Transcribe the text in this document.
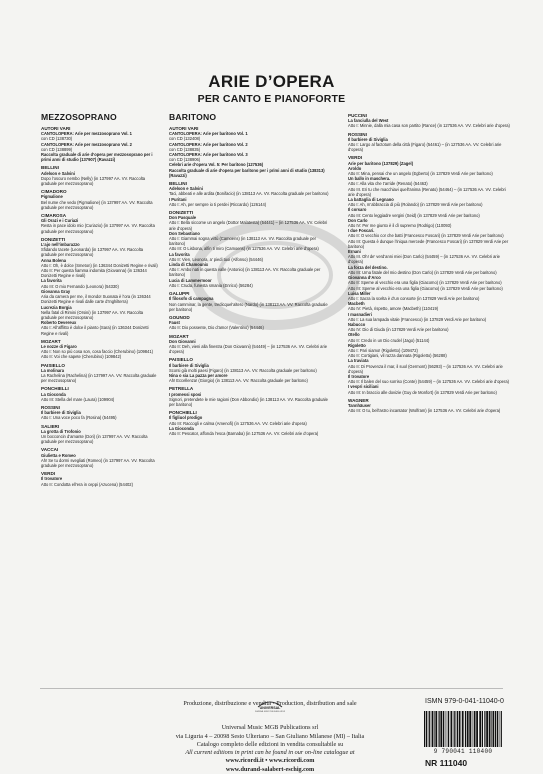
ARIE D’OPERA
PER CANTO E PIANOFORTE
MEZZOSOPRANO
AUTORI VARI
CANTOLOPERA: Arie per mezzosoprano Vol. 1
con CD (138730)
CANTOLOPERA: Arie per mezzosoprano Vol. 2
con CD (138899)
Raccolta graduale di arie d’opera per mezzosoprano per i primi anni di studio (137907) (Ravazzi)
BELLINI
Adelson e Salvini
Dopo l’oscuro nembo (Nelly) (in 137997 AA. VV. Raccolta graduale per mezzosoprano)
CIMADORO
Pigmalione
Bel nume che vedo (Pigmalione) (in 137997 AA. VV. Raccolta graduale per mezzosoprano)
CIMAROSA
Gli Orazi e i Curiazi
Resta in pace idolo mio (Curiazio) (in 137997 AA. VV. Raccolta graduale per mezzosoprano)
DONIZETTI
L’ajo nell’imbarazzo
Sfidando tacete (Leonarda) (in 137997 AA. VV. Raccolta graduale per mezzosoprano)
Anna Bolena
Atto I: Oh, è dolce (Smeton) (in 136344 Donizetti Regine e rivali)
Atto II: Per questa fiamma indomita (Giovanna) (in 136344 Donizetti Regine e rivali)
La favorita
Atto III: O mio Fernando (Leonora) (54330)
Giovanna Gray
Aria da camera per me, il mondo! Suonata è l’ora (in 136344 Donizetti Regine e rivali dalle carte d’Inghilterra)
Lucrezia Borgia
Nella fatal di Rimini (Orsini) (in 137997 AA. VV. Raccolta graduale per mezzosoprano)
Roberto Devereux
Atto I: All’afflitto è dolce il pianto (Sara) (in 136344 Donizetti Regine e rivali)
MOZART
Le nozze di Figaro
Atto I: Non so più cosa son, cosa faccio (Cherubino) (109841)
Atto II: Voi che sapete (Cherubino) (109842)
PAISIELLO
La molinara
La Rachelina (Rachelina) (in 137997 AA. VV. Raccolta graduale per mezzosoprano)
PONCHIELLI
La Gioconda
Atto III: Stella del mare (Laura) (109904)
ROSSINI
Il barbiere di Siviglia
Atto I: Una voce poco fa (Rosina) (54495)
SALIERI
La grotta di Trofonio
Un bocconcin d’amante (Dori) (in 137997 AA. VV. Raccolta graduale per mezzosoprano)
VACCAI
Giulietta e Romeo
Ah! Se tu dormi svegliati (Romeo) (in 137997 AA. VV. Raccolta graduale per mezzosoprano)
VERDI
Il trovatore
Atto II: Condotta ell’era in ceppi (Azucena) (54402)
BARITONO
AUTORI VARI
CANTOLOPERA: Arie per baritono Vol. 1
con CD (132408)
CANTOLOPERA: Arie per baritono Vol. 2
con CD (138835)
CANTOLOPERA: Arie per baritono Vol. 3
con CD (138906)
Celebri arie d’opera Vol. 5: Per baritono (127536)
Raccolta graduale di arie d’opera per baritono per i primi anni di studio (138313) (Ravazzi)
BELLINI
Adelson e Salvini
Taci, abbeati e alle ardita (Bonifacio) (in 138113 AA. VV. Raccolta graduale per baritono)
I Puritani
Atto I: Ah, per sempre io ti perdei (Riccardo) (126144)
DONIZETTI
Don Pasquale
Atto I: Bella siccome un angelo (Dottor Malatesta) (54441) – (in 127536 AA. VV. Celebri arie d’opera)
Don Sebastiano
Atto I: Giammai sogna virtù (Camoens) (in 138113 AA. VV. Raccolta graduale per baritono)
Atto III: O Lisbona, alfin ti miro (Camoens) (in 127536 AA. VV. Celebri arie d’opera)
La favorita
Atto II: Vien, Leonora, a’ piedi tuoi (Alfonso) (54446)
Linda di Chamounix
Atto I: Ambo nati in questa valle (Antonio) (in 138113 AA. VV. Raccolta graduale per baritono)
Lucia di Lammermoor
Atto I: Cruda, funesta smania (Enrico) (56284)
GALUPPI
Il filosofo di campagna
Non camminar, la gente, tredicquel’altero (Nardo) (in 138113 AA. VV. Raccolta graduale per baritono)
GOUNOD
Faust
Atto II: Dio possente, Dio d’amor (Valentino) (54446)
MOZART
Don Giovanni
Atto II: Deh, vieni alla finestra (Don Giovanni) (54449) – (in 127536 AA. VV. Celebri arie d’opera)
PAISIELLO
Il barbiere di Siviglia
Scorsi già molti paesi (Figaro) (in 138113 AA. VV. Raccolta graduale per baritono)
Nina o sia La pazza per amore
Ah! Eccellenza! (Giorgio) (in 138113 AA. VV. Raccolta graduale per baritono)
PETRELLA
I promessi sposi
Signori, pretendete le mie ragioni (Don Abbondio) (in 138113 AA. VV. Raccolta graduale per baritono)
PONCHIELLI
Il figliuol prodigo
Atto III: Raccogli e calma (Amenofi) (in 127536 AA. VV. Celebri arie d’opera)
La Gioconda
Atto II: Pescator, affonda l’esca (Barnaba) (in 127536 AA. VV. Celebri arie d’opera)
PUCCINI
La fanciulla del West
Atto I: Minnie, dalla mia casa son partito (Rance) (in 127536 AA. VV. Celebri arie d’opera)
ROSSINI
Il barbiere di Siviglia
Atto I: Largo al factotum della città (Figaro) (54461) – (in 127536 AA. VV. Celebri arie d’opera)
VERDI
Arie per baritono (137829) (Zagel)
Aroldo
Atto II: Mina, pensai che un angelo (Egberto) (in 137829 Verdi Arie per baritono)
Un ballo in maschera.
Atto I: Alla vita che t’arride (Renato) (54463)
Atto III. Eri tu che macchiavi quell’anima (Renato) (54464) – (in 127536 AA. VV. Celebri arie d’opera)
La battaglia di Legnano
Atto I: Ah, m’abbraccia di più (Rolando) (in 137829 Verdi Arie per baritono)
Il corsaro
Atto III: Cento leggiadre vergini (Seid) (in 137829 Verdi Arie per baritono)
Don Carlo
Atto IV: Per me giunto è il dì supremo (Rodrigo) (110093)
I due Foscari.
Atto II: O vecchio cor che batti (Francesco Foscari) (in 137829 Verdi Arie per baritono)
Atto III: Questa è dunque l’iniqua mercede (Francesco Foscari) (in 137829 Verdi Arie per baritono)
Ernani
Atto III. Oh! de’ verd’anni miei (Don Carlo) (54459) – (in 127536 AA. VV. Celebri arie d’opera)
La forza del destino.
Atto III: Urna fatale del mio destino (Don Carlo) (in 137829 Verdi Arie per baritono)
Giovanna d’Arco
Atto II: Speme al vecchio era una figlia (Giacomo) (in 137829 Verdi Arie per baritono)
Atto III: Speme al vecchio era una figlia (Giacomo) (in 137829 Verdi Arie per baritono)
Luisa Miller
Atto I: Sacra la scelta è d’un consorte (in 137829 Verdi Arie per baritono)
Macbeth
Atto IV: Pietà, rispetto, amore (Macbeth) (110419)
I masnadieri
Atto I: La sua lampada vitale (Francesco) (in 137829 Verdi Arie per baritono)
Nabucco
Atto IV: Dio di Giuda (in 137829 Verdi Arie per baritono)
Otello
Atto II: Credo in un Dio crudel (Jago) (51144)
Rigoletto
Atto I: Pari siamo! (Rigoletto) (109472)
Atto II: Cortigiani, vil razza dannata (Rigoletto) (56288)
La traviata
Atto II: Di Provenza il mar, il suol (Germont) (56293) – (in 127536 AA. VV. Celebri arie d’opera)
Il trovatore
Atto II: Il balen del suo sorriso (Conte) (54459) – (in 127536 AA. VV. Celebri arie d’opera)
I vespri siciliani
Atto III: In braccio alle dovizie (Guy de Monfort) (in 137829 Verdi Arie per baritono)
WAGNER
Tannhäuser
Atto III: O tu, bell’astro incantator (Wolfram) (in 127536 AA. VV. Celebri arie d’opera)
Produzione, distribuzione e vendita • Production, distribution and sale
Universal Music MGB Publications srl
via Liguria 4 – 20098 Sesto Ulteriano – San Giuliano Milanese (MI) – Italia
Catalogo completo delle edizioni in vendita consultabile su
All current editions in print can be found in our on-line catalogue at
www.ricordi.it • www.ricordi.com
www.durand-salabert-eschig.com
UNIVERSAL
UNIVERSAL MUSIC PUBLISHING GROUP
ISMN 979-0-041-11040-0
9 790041 110400
NR 111040
